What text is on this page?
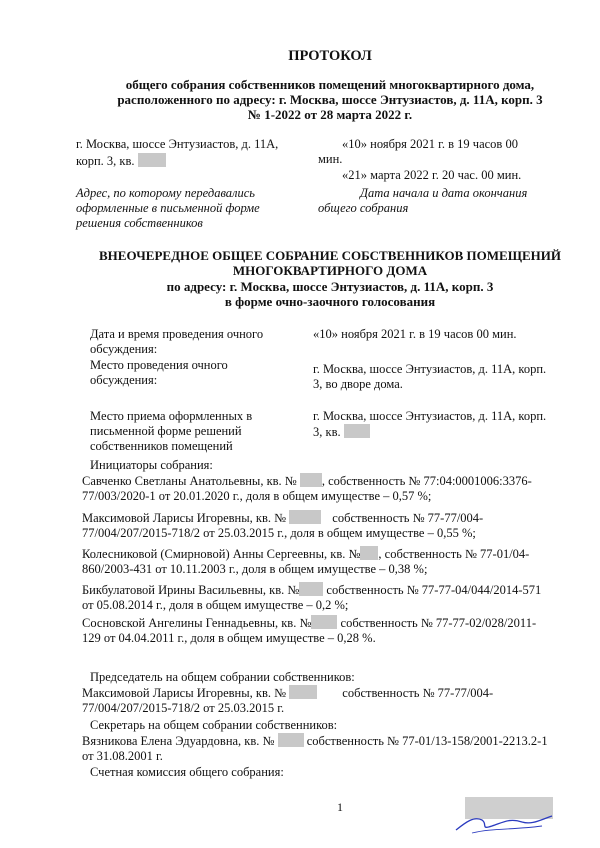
ПРОТОКОЛ
общего собрания собственников помещений многоквартирного дома,
расположенного по адресу: г. Москва, шоссе Энтузиастов, д. 11А, корп. 3
№ 1-2022 от 28 марта 2022 г.
г. Москва, шоссе Энтузиастов, д. 11А,
корп. 3, кв.
«10» ноября 2021 г. в 19 часов 00
мин.
«21» марта 2022 г. 20 час. 00 мин.
Адрес, по которому передавались
оформленные в письменной форме
решения собственников
Дата начала и дата окончания
общего собрания
ВНЕОЧЕРЕДНОЕ ОБЩЕЕ СОБРАНИЕ СОБСТВЕННИКОВ ПОМЕЩЕНИЙ
МНОГОКВАРТИРНОГО ДОМА
по адресу: г. Москва, шоссе Энтузиастов, д. 11А, корп. 3
в форме очно-заочного голосования
Дата и время проведения очного
обсуждения:
«10» ноября 2021 г. в 19 часов 00 мин.
Место проведения очного
обсуждения:
г. Москва, шоссе Энтузиастов, д. 11А, корп.
3, во дворе дома.
Место приема оформленных в
письменной форме решений
собственников помещений
г. Москва, шоссе Энтузиастов, д. 11А, корп.
3, кв.
Инициаторы собрания:
Савченко Светланы Анатольевны, кв. № , собственность № 77:04:0001006:3376-
77/003/2020-1 от 20.01.2020 г., доля в общем имуществе – 0,57 %;
Максимовой Ларисы Игоревны, кв. №	собственность № 77-77/004-
77/004/207/2015-718/2 от 25.03.2015 г., доля в общем имуществе – 0,55 %;
Колесниковой (Смирновой) Анны Сергеевны, кв. № , собственность № 77-01/04-
860/2003-431 от 10.11.2003 г., доля в общем имуществе – 0,38 %;
Бикбулатовой Ирины Васильевны, кв. № собственность № 77-77-04/044/2014-571
от 05.08.2014 г., доля в общем имуществе – 0,2 %;
Сосновской Ангелины Геннадьевны, кв. № собственность № 77-77-02/028/2011-
129 от 04.04.2011 г., доля в общем имуществе – 0,28 %.
Председатель на общем собрании собственников:
Максимовой Ларисы Игоревны, кв. №	собственность № 77-77/004-
77/004/207/2015-718/2 от 25.03.2015 г.
Секретарь на общем собрании собственников:
Вязникова Елена Эдуардовна, кв. №	собственность № 77-01/13-158/2001-2213.2-1
от 31.08.2001 г.
Счетная комиссия общего собрания:
1
